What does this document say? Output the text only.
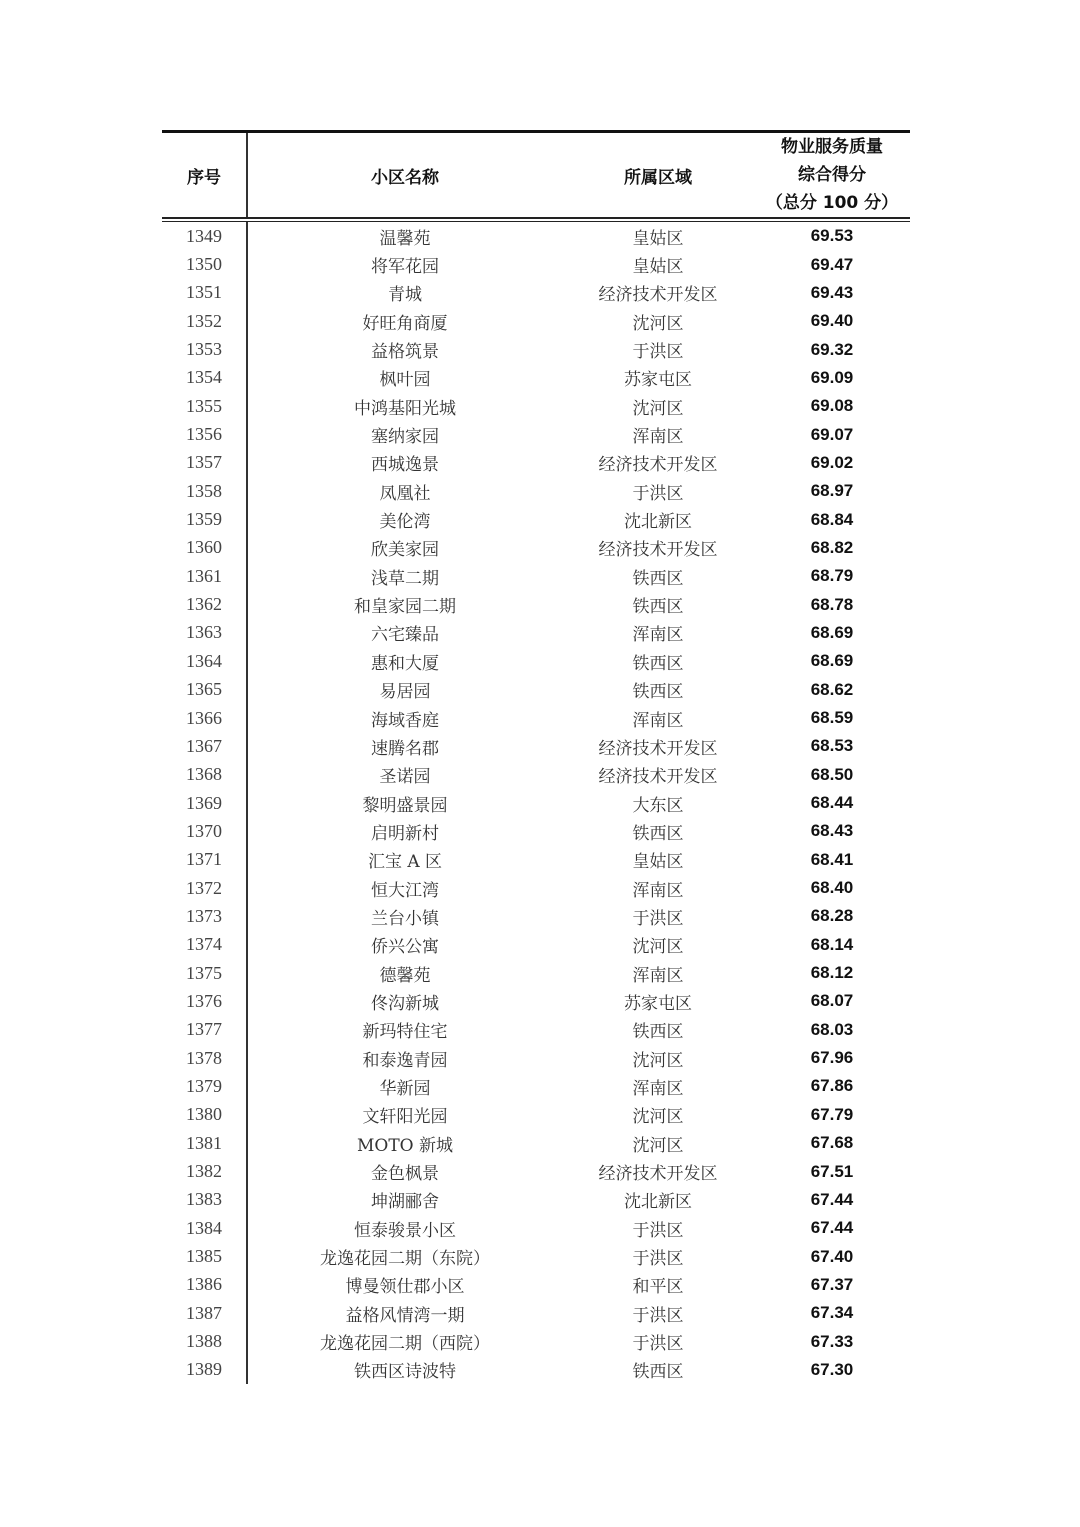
序号	小区名称	所属区域
物业服务质量
综合得分
（总分 100 分）
1349	温馨苑	皇姑区	69.53
1350	将军花园	皇姑区	69.47
1351	青城	经济技术开发区	69.43
1352	好旺角商厦	沈河区	69.40
1353	益格筑景	于洪区	69.32
1354	枫叶园	苏家屯区	69.09
1355	中鸿基阳光城	沈河区	69.08
1356	塞纳家园	浑南区	69.07
1357	西城逸景	经济技术开发区	69.02
1358	凤凰社	于洪区	68.97
1359	美伦湾	沈北新区	68.84
1360	欣美家园	经济技术开发区	68.82
1361	浅草二期	铁西区	68.79
1362	和皇家园二期	铁西区	68.78
1363	六宅臻品	浑南区	68.69
1364	惠和大厦	铁西区	68.69
1365	易居园	铁西区	68.62
1366	海域香庭	浑南区	68.59
1367	速腾名郡	经济技术开发区	68.53
1368	圣诺园	经济技术开发区	68.50
1369	黎明盛景园	大东区	68.44
1370	启明新村	铁西区	68.43
1371	汇宝 A 区	皇姑区	68.41
1372	恒大江湾	浑南区	68.40
1373	兰台小镇	于洪区	68.28
1374	侨兴公寓	沈河区	68.14
1375	德馨苑	浑南区	68.12
1376	佟沟新城	苏家屯区	68.07
1377	新玛特住宅	铁西区	68.03
1378	和泰逸青园	沈河区	67.96
1379	华新园	浑南区	67.86
1380	文轩阳光园	沈河区	67.79
1381	MOTO 新城	沈河区	67.68
1382	金色枫景	经济技术开发区	67.51
1383	坤湖郦舍	沈北新区	67.44
1384	恒泰骏景小区	于洪区	67.44
1385	龙逸花园二期（东院）	于洪区	67.40
1386	博曼领仕郡小区	和平区	67.37
1387	益格风情湾一期	于洪区	67.34
1388	龙逸花园二期（西院）	于洪区	67.33
1389	铁西区诗波特	铁西区	67.30
